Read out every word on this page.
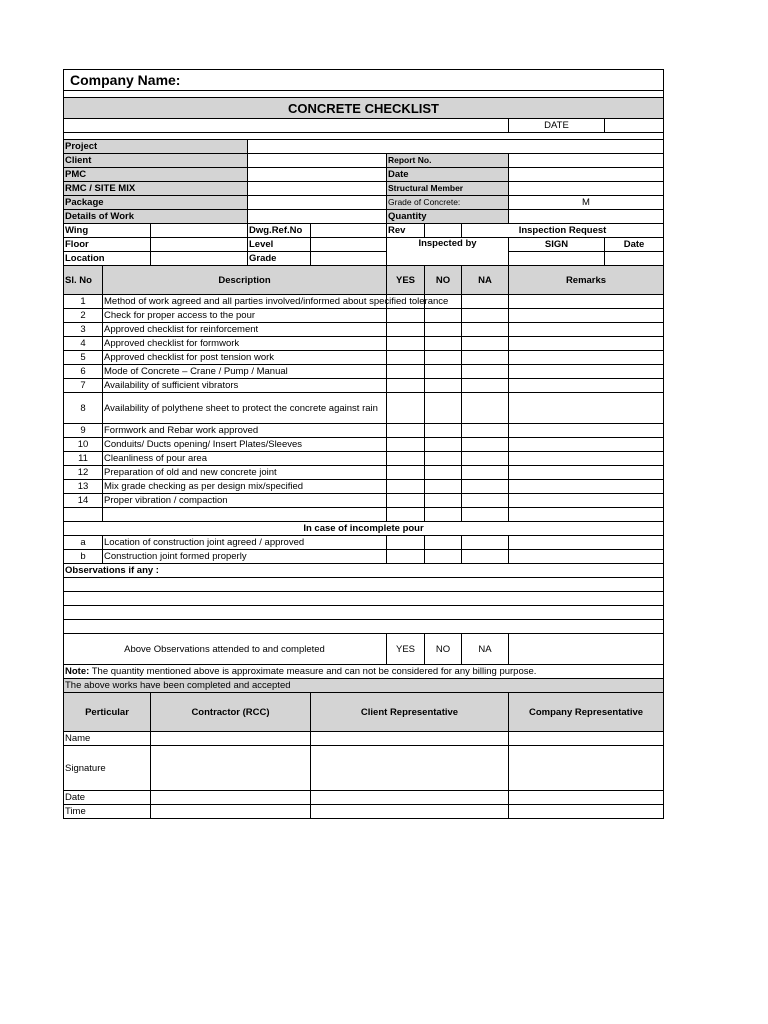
Company Name:									

CONCRETE CHECKLIST									
								DATE	

Project									
Client					Report No.				
PMC					Date				
RMC / SITE MIX					Structural Member				
Package					Grade of Concrete:			M	
Details of Work					Quantity				
Wing			Dwg.Ref.No		Rev		Inspection Request		
Floor			Level		Inspected by			SIGN	Date
Location			Grade						
Sl. No	Description				YES	NO	NA	Remarks	
1	Method of work agreed and all parties involved/informed about specified tolerance								
2	Check for proper access to the pour								
3	Approved checklist for reinforcement								
4	Approved checklist for formwork								
5	Approved checklist for post tension work								
6	Mode of Concrete – Crane / Pump / Manual								
7	Availability of sufficient vibrators								
8	Availability of polythene sheet to protect the concrete against rain								
9	Formwork and Rebar work approved								
10	Conduits/ Ducts opening/ Insert Plates/Sleeves								
11	Cleanliness of pour area								
12	Preparation of old and new concrete joint								
13	Mix grade checking as per design mix/specified								
14	Proper vibration / compaction								

In case of incomplete pour									
a	Location of construction joint agreed / approved								
b	Construction joint formed properly								
Observations if any :									

Above Observations attended to and completed					YES	NO	NA		
Note: The quantity mentioned above is approximate measure and can not be considered for any billing purpose.									
The above works have been completed and accepted									
Perticular		Contractor (RCC)		Client Representative				Company Representative	
Name									
Signature									
Date									
Time									
